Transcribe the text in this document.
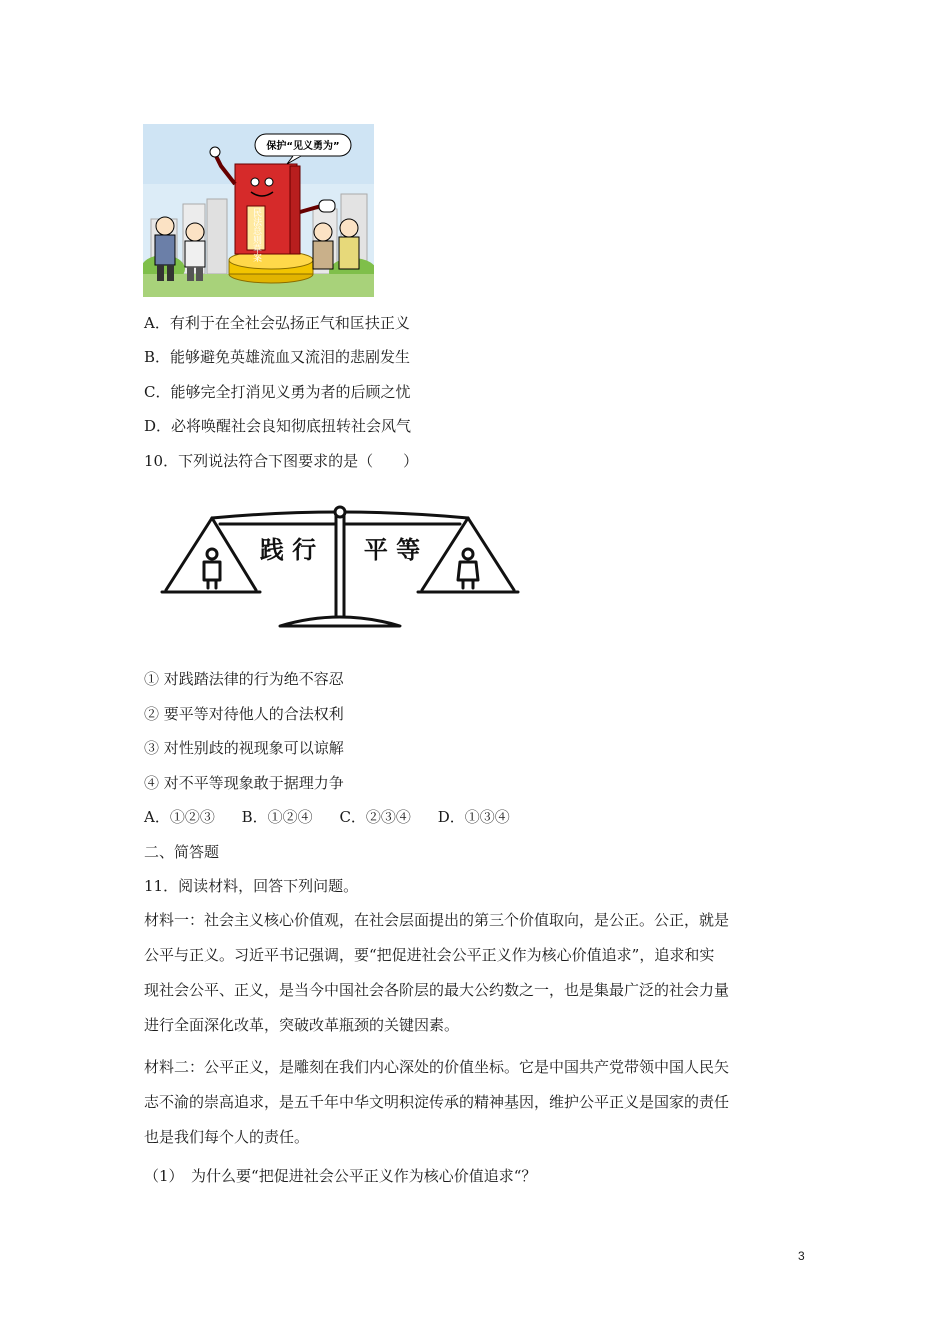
保护“见义勇为”
民法总则草案
A．有利于在全社会弘扬正气和匡扶正义
B．能够避免英雄流血又流泪的悲剧发生
C．能够完全打消见义勇为者的后顾之忧
D．必将唤醒社会良知彻底扭转社会风气
10．下列说法符合下图要求的是（　　）
践 行 平 等
① 对践踏法律的行为绝不容忍
② 要平等对待他人的合法权利
③ 对性别歧的视现象可以谅解
④ 对不平等现象敢于据理力争
A．①②③ B．①②④ C．②③④ D．①③④
二、简答题
11．阅读材料，回答下列问题。
材料一：社会主义核心价值观，在社会层面提出的第三个价值取向，是公正。公正，就是
公平与正义。习近平书记强调，要“把促进社会公平正义作为核心价值追求”，追求和实
现社会公平、正义，是当今中国社会各阶层的最大公约数之一，也是集最广泛的社会力量
进行全面深化改革，突破改革瓶颈的关键因素。
材料二：公平正义，是雕刻在我们内心深处的价值坐标。它是中国共产党带领中国人民矢
志不渝的崇高追求，是五千年中华文明积淀传承的精神基因，维护公平正义是国家的责任
也是我们每个人的责任。
（1）　为什么要“把促进社会公平正义作为核心价值追求“？
3
